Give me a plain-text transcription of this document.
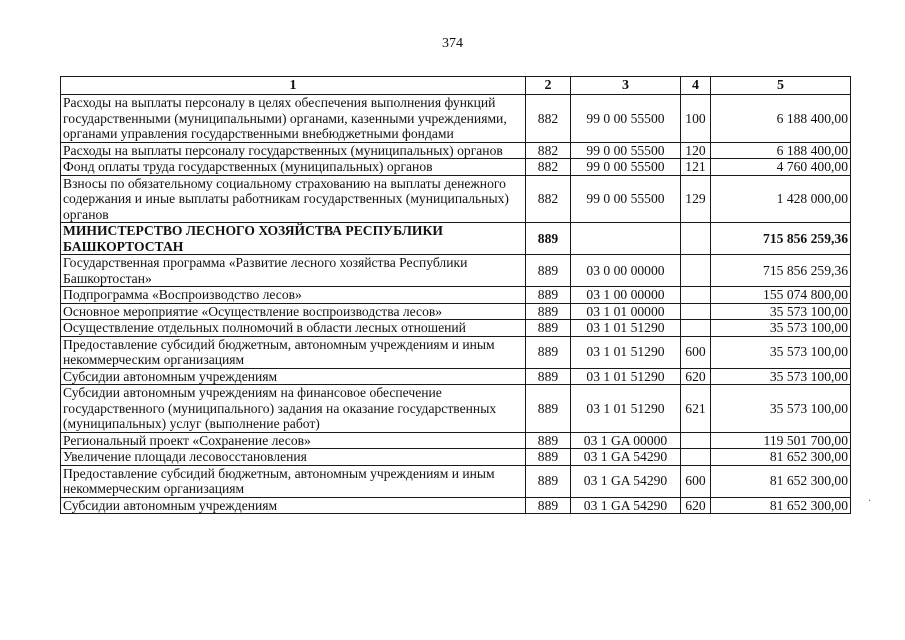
374
1	2	3	4	5
Расходы на выплаты персоналу в целях обеспечения выполнения функций государственными (муниципальными) органами, казенными учреждениями, органами управления государственными внебюджетными фондами	882	99 0 00 55500	100	6 188 400,00
Расходы на выплаты персоналу государственных (муниципальных) органов	882	99 0 00 55500	120	6 188 400,00
Фонд оплаты труда государственных (муниципальных) органов	882	99 0 00 55500	121	4 760 400,00
Взносы по обязательному социальному страхованию на выплаты денежного содержания и иные выплаты работникам государственных (муниципальных) органов	882	99 0 00 55500	129	1 428 000,00
МИНИСТЕРСТВО ЛЕСНОГО ХОЗЯЙСТВА РЕСПУБЛИКИ БАШКОРТОСТАН	889			715 856 259,36
Государственная программа «Развитие лесного хозяйства Республики Башкортостан»	889	03 0 00 00000		715 856 259,36
Подпрограмма «Воспроизводство лесов»	889	03 1 00 00000		155 074 800,00
Основное мероприятие «Осуществление воспроизводства лесов»	889	03 1 01 00000		35 573 100,00
Осуществление отдельных полномочий в области лесных отношений	889	03 1 01 51290		35 573 100,00
Предоставление субсидий бюджетным, автономным учреждениям и иным некоммерческим организациям	889	03 1 01 51290	600	35 573 100,00
Субсидии автономным учреждениям	889	03 1 01 51290	620	35 573 100,00
Субсидии автономным учреждениям на финансовое обеспечение государственного (муниципального) задания на оказание государственных (муниципальных) услуг (выполнение работ)	889	03 1 01 51290	621	35 573 100,00
Региональный проект «Сохранение лесов»	889	03 1 GA 00000		119 501 700,00
Увеличение площади лесовосстановления	889	03 1 GA 54290		81 652 300,00
Предоставление субсидий бюджетным, автономным учреждениям и иным некоммерческим организациям	889	03 1 GA 54290	600	81 652 300,00
Субсидии автономным учреждениям	889	03 1 GA 54290	620	81 652 300,00 ·
